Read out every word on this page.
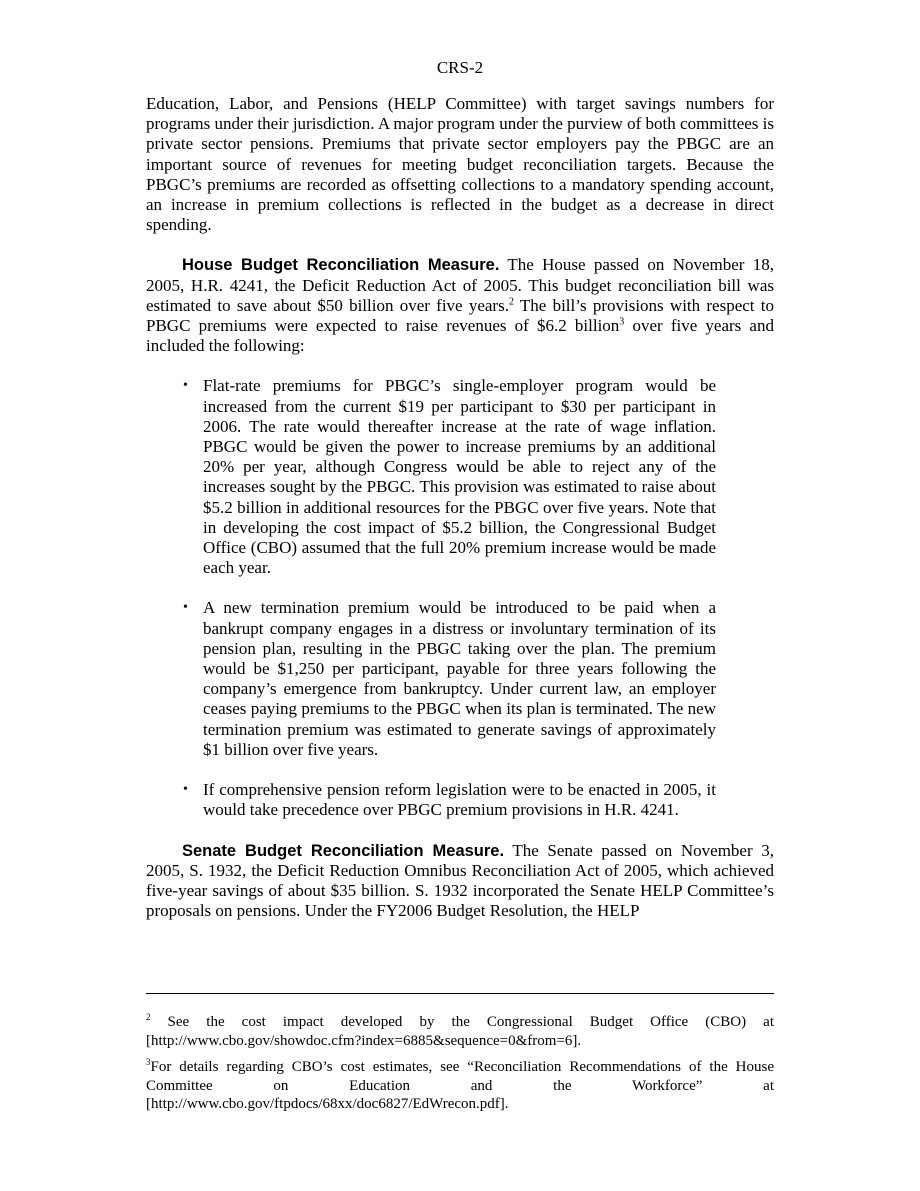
CRS-2

Education, Labor, and Pensions (HELP Committee) with target savings numbers for programs under their jurisdiction. A major program under the purview of both committees is private sector pensions. Premiums that private sector employers pay the PBGC are an important source of revenues for meeting budget reconciliation targets. Because the PBGC’s premiums are recorded as offsetting collections to a mandatory spending account, an increase in premium collections is reflected in the budget as a decrease in direct spending.

House Budget Reconciliation Measure. The House passed on November 18, 2005, H.R. 4241, the Deficit Reduction Act of 2005. This budget reconciliation bill was estimated to save about $50 billion over five years.$^2$ The bill’s provisions with respect to PBGC premiums were expected to raise revenues of $6.2 billion$^3$ over five years and included the following:

• Flat-rate premiums for PBGC’s single-employer program would be increased from the current $19 per participant to $30 per participant in 2006. The rate would thereafter increase at the rate of wage inflation. PBGC would be given the power to increase premiums by an additional 20% per year, although Congress would be able to reject any of the increases sought by the PBGC. This provision was estimated to raise about $5.2 billion in additional resources for the PBGC over five years. Note that in developing the cost impact of $5.2 billion, the Congressional Budget Office (CBO) assumed that the full 20% premium increase would be made each year.
• A new termination premium would be introduced to be paid when a bankrupt company engages in a distress or involuntary termination of its pension plan, resulting in the PBGC taking over the plan. The premium would be $1,250 per participant, payable for three years following the company’s emergence from bankruptcy. Under current law, an employer ceases paying premiums to the PBGC when its plan is terminated. The new termination premium was estimated to generate savings of approximately $1 billion over five years.
• If comprehensive pension reform legislation were to be enacted in 2005, it would take precedence over PBGC premium provisions in H.R. 4241.

Senate Budget Reconciliation Measure. The Senate passed on November 3, 2005, S. 1932, the Deficit Reduction Omnibus Reconciliation Act of 2005, which achieved five-year savings of about $35 billion. S. 1932 incorporated the Senate HELP Committee’s proposals on pensions. Under the FY2006 Budget Resolution, the HELP

$^2$ See the cost impact developed by the Congressional Budget Office (CBO) at [http://www.cbo.gov/showdoc.cfm?index=6885&sequence=0&from=6].

$^3$For details regarding CBO’s cost estimates, see “Reconciliation Recommendations of the House Committee on Education and the Workforce” at [http://www.cbo.gov/ftpdocs/68xx/doc6827/EdWrecon.pdf].
